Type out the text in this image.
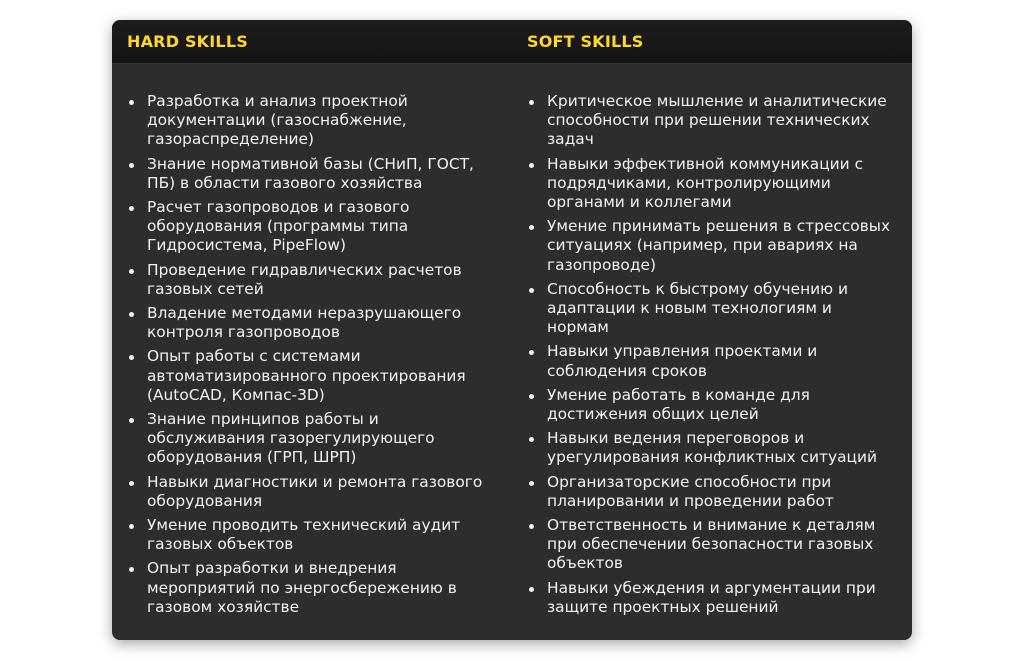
HARD SKILLS	SOFT SKILLS
Разработка и анализ проектной документации (газоснабжение, газораспределение)
Знание нормативной базы (СНиП, ГОСТ, ПБ) в области газового хозяйства
Расчет газопроводов и газового оборудования (программы типа Гидросистема, PipeFlow)
Проведение гидравлических расчетов газовых сетей
Владение методами неразрушающего контроля газопроводов
Опыт работы с системами автоматизированного проектирования (AutoCAD, Компас-3D)
Знание принципов работы и обслуживания газорегулирующего оборудования (ГРП, ШРП)
Навыки диагностики и ремонта газового оборудования
Умение проводить технический аудит газовых объектов
Опыт разработки и внедрения мероприятий по энергосбережению в газовом хозяйстве
Критическое мышление и аналитические способности при решении технических задач
Навыки эффективной коммуникации с подрядчиками, контролирующими органами и коллегами
Умение принимать решения в стрессовых ситуациях (например, при авариях на газопроводе)
Способность к быстрому обучению и адаптации к новым технологиям и нормам
Навыки управления проектами и соблюдения сроков
Умение работать в команде для достижения общих целей
Навыки ведения переговоров и урегулирования конфликтных ситуаций
Организаторские способности при планировании и проведении работ
Ответственность и внимание к деталям при обеспечении безопасности газовых объектов
Навыки убеждения и аргументации при защите проектных решений
